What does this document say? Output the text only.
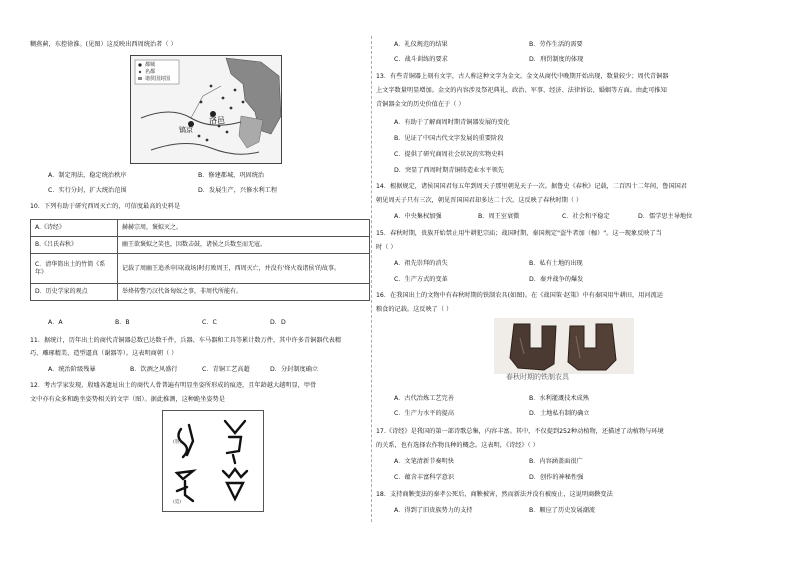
糊燕蓟，东控徐淮。(见图）这反映出西周统治者（ ）
都城
名都
诸侯国封国
镐京
洛邑
A．制定刑法，稳定统治秩序	B．修建都城，巩固统治
C．实行分封，扩大统治范围	D．发展生产，兴修水利工程
10．下列有助于研究西周灭亡的，可信度最高的史料是
A.《诗经》	赫赫宗周，褒姒灭之。
B.《吕氏春秋》	幽王欲褒姒之笑也，因数击鼓，诸侯之兵数至而无寇。
C．清华简出土的竹简《系年》	记载了周幽王追杀申国(战场)时打败周王，西周灭亡，并没有'烽火戏诸侯'的故事。
D．历史学家的观点	举烽传警乃汉代备匈奴之事，非周代所能有。
A．A	B．B	C．C	D．D
11．据统计，历年出土的商代青铜器总数已达数千件，兵器、车马器和工具等累计数万件，其中许多青铜器代表精
巧、雕琢精美、造型逼真（谢器等）。这表明商朝（ ）
A．统治阶级残暴	B．饮酒之风盛行	C．青铜工艺高超	D．分封制度确立
12．考古学家发现，殷墟各遗址出土的商代人骨普遍有明显坐姿所形成的痕迹，且年龄越大越明显，甲骨
文中亦有众多和跪坐姿势相关的文字（图）。据此推测，这种跪坐姿势是
(祭)
(觅)
A．礼仪规范的结果	B．劳作生活的需要
C．战斗训练的要求	D．刑罚制度的体现
13．有些青铜器上刻有文字，古人称这种文字为金文。金文从商代中晚期开始出现，数量较少；周代青铜器
上文字数量明显增加。金文的内容涉及祭祀典礼、政治、军事、经济、法律诉讼、婚姻等方面。由此可推知
青铜器金文的历史价值在于（ ）
A．有助于了解商周时期青铜器发展的变化
B．见证了中国古代文字发展的重要阶段
C．提供了研究商周社会状况的实物史料
D．突显了西周时期青铜铸造业水平领先
14．根据规定，诸侯国国君每五年到周天子那里朝见天子一次。据鲁史《春秋》记载，二百四十二年间，鲁国国君
朝见周天子只有三次，朝见晋国国君却多达二十次。这反映了春秋时期（ ）
A．中央集权加强	B．周王室衰微	C．社会和平稳定	D．儒学思主导地位
15．春秋时期，贵族开始禁止用牛耕犯宗庙；战国时期，秦国规定"盗牛者加（枷）"。这一现象反映了当
时（ ）
A．祖先崇拜的消失	B．私有土地的出现
C．生产方式的变革	D．秦并战争的爆发
16．在我国出土的文物中有春秋时期的铁制农具(如图)。在《战国策·赵策》中有秦国用牛耕田，用河流运
粮食的记载。这反映了（ ）
春秋时期的铁制农具
A．古代冶炼工艺完善	B．水利灌溉技术成熟
C．生产力水平的提高	D．土地私有制的确立
17.《诗经》是我国的第一部诗歌总集，内容丰富。其中，不仅提到252种动植物，还描述了动植物与环境
的关系，也有选择农作物良种的概念。这表明，《诗经》（ ）
A．文笔清新节奏明快	B．内容涵盖面很广
C．蕴含丰富科学意识	D．创作的神秘性强
18．支持商鞅变法的秦孝公死后，商鞅被害，然而新法并没有被废止，这说明商鞅变法
A．得到了旧贵族势力的支持	B．顺应了历史发展潮流
